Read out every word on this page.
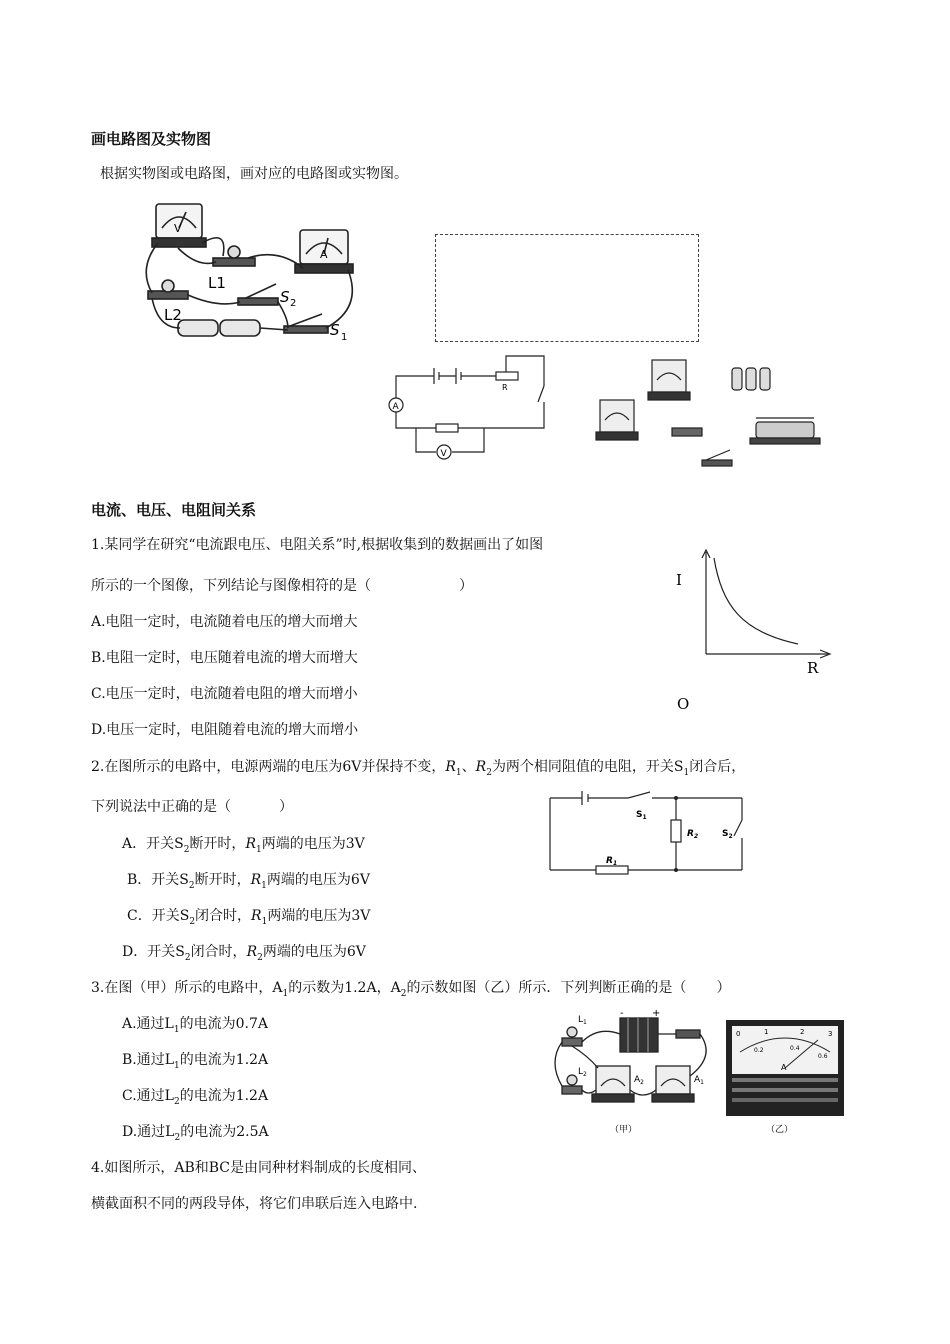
画电路图及实物图
根据实物图或电路图，画对应的电路图或实物图。
V
A
L1
L2
S 2
S 1
A
V
R
电流、电压、电阻间关系
1.某同学在研究“电流跟电压、电阻关系”时,根据收集到的数据画出了如图
所示的一个图像，下列结论与图像相符的是（	）
A.电阻一定时，电流随着电压的增大而增大
B.电阻一定时，电压随着电流的增大而增大
C.电压一定时，电流随着电阻的增大而增小
D.电压一定时，电阻随着电流的增大而增小
I
R
O
2.在图所示的电路中，电源两端的电压为6V并保持不变，$R_1$、$R_2$为两个相同阻值的电阻，开关$S_1$闭合后，
下列说法中正确的是（	）
A．开关$S_2$断开时，$R_1$两端的电压为3V
B．开关$S_2$断开时，$R_1$两端的电压为6V
C．开关$S_2$闭合时，$R_1$两端的电压为3V
D．开关$S_2$闭合时，$R_2$两端的电压为6V
$S_1$
$R_2$	$S_2$
$R_1$
3.在图（甲）所示的电路中，$A_1$的示数为1.2A，$A_2$的示数如图（乙）所示．下列判断正确的是（ ）
A.通过$L_1$的电流为0.7A
B.通过$L_1$的电流为1.2A
C.通过$L_2$的电流为1.2A
D.通过$L_2$的电流为2.5A
$L_1$
$L_2$
$A_2$	$A_1$
-	+
（甲）
0	1	2	3
0.2	0.4
0.6
A
（乙）
4.如图所示，AB和BC是由同种材料制成的长度相同、
横截面积不同的两段导体，将它们串联后连入电路中.
